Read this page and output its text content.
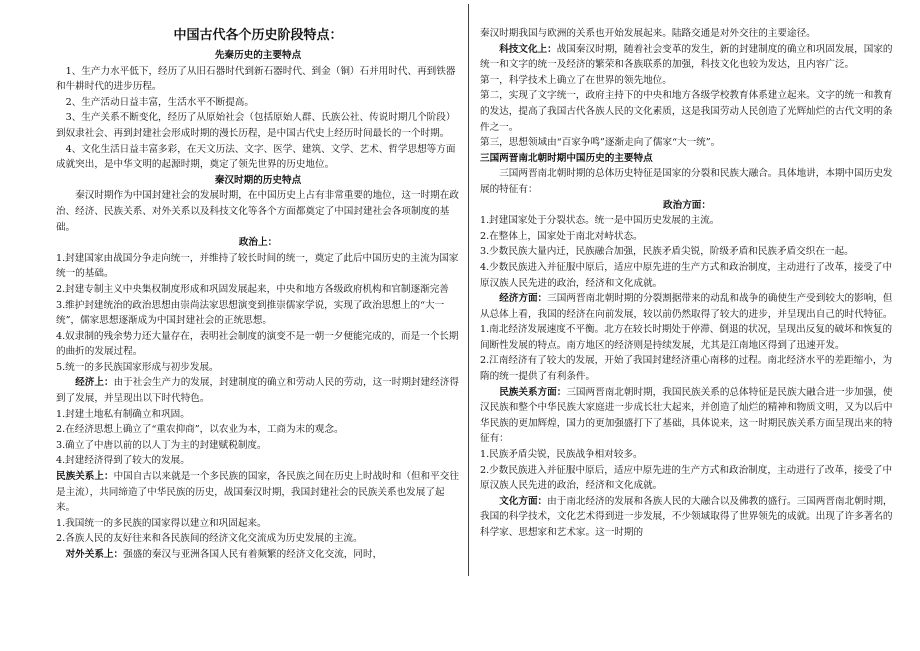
中国古代各个历史阶段特点：

先秦历史的主要特点

1、生产力水平低下，经历了从旧石器时代到新石器时代、到金（铜）石并用时代、再到铁器和牛耕时代的进步历程。

2、生产活动日益丰富，生活水平不断提高。

3、生产关系不断变化，经历了从原始社会（包括原始人群、氏族公社、传说时期几个阶段）到奴隶社会、再到封建社会形成时期的漫长历程，是中国古代史上经历时间最长的一个时期。

4、文化生活日益丰富多彩，在天文历法、文字、医学、建筑、文学、艺术、哲学思想等方面成就突出，是中华文明的起源时期，奠定了领先世界的历史地位。

秦汉时期的历史特点

秦汉时期作为中国封建社会的发展时期，在中国历史上占有非常重要的地位，这一时期在政治、经济、民族关系、对外关系以及科技文化等各个方面都奠定了中国封建社会各项制度的基础。

政治上：

1.封建国家由战国分争走向统一，并维持了较长时间的统一，奠定了此后中国历史的主流为国家统一的基础。

2.封建专制主义中央集权制度形成和巩固发展起来，中央和地方各级政府机构和官制逐渐完善

3.维护封建统治的政治思想由崇尚法家思想演变到推崇儒家学说，实现了政治思想上的“大一统”，儒家思想逐渐成为中国封建社会的正统思想。

4.奴隶制的残余势力还大量存在，表明社会制度的演变不是一朝一夕便能完成的，而是一个长期的曲折的发展过程。

5.统一的多民族国家形成与初步发展。

经济上：由于社会生产力的发展，封建制度的确立和劳动人民的劳动，这一时期封建经济得到了发展，并呈现出以下时代特色。

1.封建土地私有制确立和巩固。

2.在经济思想上确立了“重农抑商”，以农业为本，工商为末的观念。

3.确立了中唐以前的以人丁为主的封建赋税制度。

4.封建经济得到了较大的发展。

民族关系上：中国自古以来就是一个多民族的国家，各民族之间在历史上时战时和（但和平交往是主流），共同缔造了中华民族的历史，战国秦汉时期，我国封建社会的民族关系也发展了起来。

1.我国统一的多民族的国家得以建立和巩固起来。

2.各族人民的友好往来和各民族间的经济文化交流成为历史发展的主流。

对外关系上：强盛的秦汉与亚洲各国人民有着频繁的经济文化交流，同时，

秦汉时期我国与欧洲的关系也开始发展起来。陆路交通是对外交往的主要途径。

科技文化上：战国秦汉时期，随着社会变革的发生，新的封建制度的确立和巩固发展，国家的统一和文字的统一及经济的繁荣和各族联系的加强，科技文化也较为发达，且内容广泛。

第一，科学技术上确立了在世界的领先地位。

第二，实现了文字统一，政府主持下的中央和地方各级学校教育体系建立起来。文字的统一和教育的发达，提高了我国古代各族人民的文化素质，这是我国劳动人民创造了光辉灿烂的古代文明的条件之一。

第三，思想领域由“百家争鸣”逐渐走向了儒家“大一统”。

三国两晋南北朝时期中国历史的主要特点

三国两晋南北朝时期的总体历史特征是国家的分裂和民族大融合。具体地讲，本期中国历史发展的特征有：

政治方面：

1.封建国家处于分裂状态。统一是中国历史发展的主流。

2.在整体上，国家处于南北对峙状态。

3.少数民族大量内迁，民族融合加强，民族矛盾尖锐，阶级矛盾和民族矛盾交织在一起。

4.少数民族进入并征服中原后，适应中原先进的生产方式和政治制度，主动进行了改革，接受了中原汉族人民先进的政治，经济和文化成就。

经济方面：三国两晋南北朝时期的分裂割据带来的动乱和战争的确使生产受到较大的影响，但从总体上看，我国的经济在向前发展，较以前仍然取得了较大的进步，并呈现出自己的时代特征。

1.南北经济发展速度不平衡。北方在较长时期处于停滞、倒退的状况，呈现出反复的破坏和恢复的间断性发展的特点。南方地区的经济则是持续发展，尤其是江南地区得到了迅速开发。

2.江南经济有了较大的发展，开始了我国封建经济重心南移的过程。南北经济水平的差距缩小，为隋的统一提供了有利条件。

民族关系方面：三国两晋南北朝时期，我国民族关系的总体特征是民族大融合进一步加强，使汉民族和整个中华民族大家庭进一步成长壮大起来，并创造了灿烂的精神和物质文明，又为以后中华民族的更加辉煌，国力的更加强盛打下了基础，具体说来，这一时期民族关系方面呈现出来的特征有：

1.民族矛盾尖锐，民族战争相对较多。

2.少数民族进入并征服中原后，适应中原先进的生产方式和政治制度，主动进行了改革，接受了中原汉族人民先进的政治，经济和文化成就。

文化方面：由于南北经济的发展和各族人民的大融合以及佛教的盛行。三国两晋南北朝时期，我国的科学技术，文化艺术得到进一步发展，不少领域取得了世界领先的成就。出现了许多著名的科学家、思想家和艺术家。这一时期的
